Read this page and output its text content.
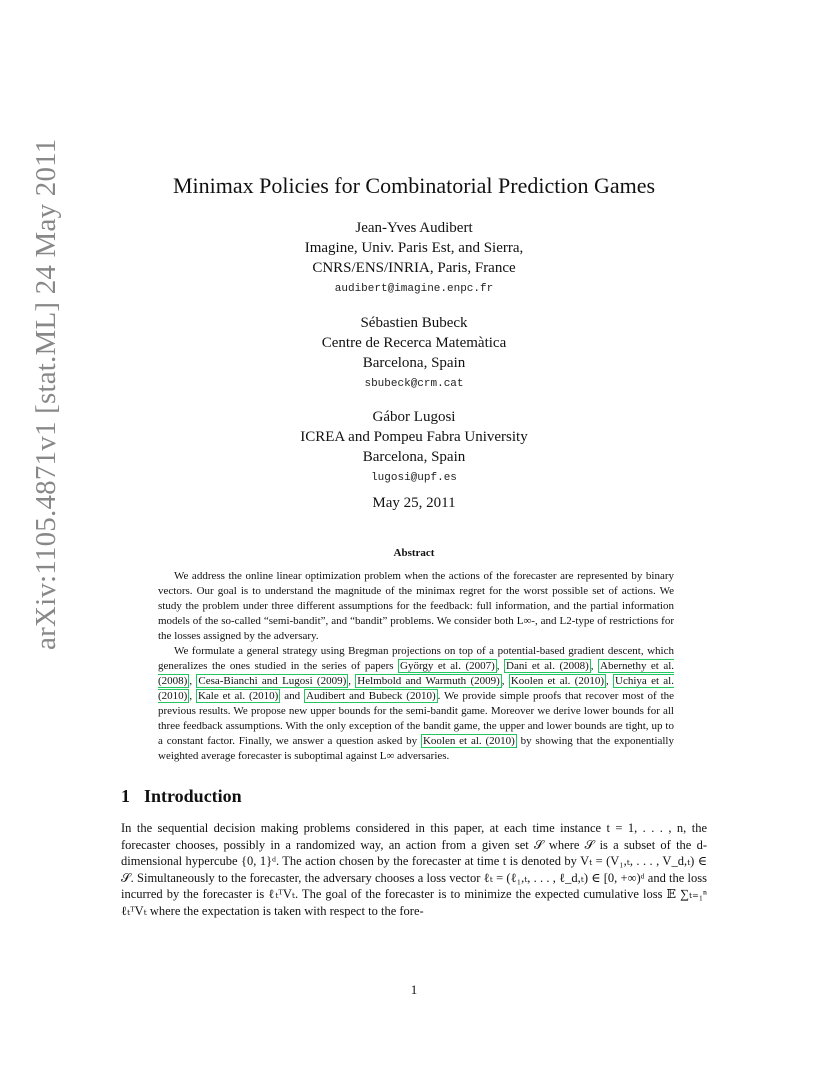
arXiv:1105.4871v1 [stat.ML] 24 May 2011	Minimax Policies for Combinatorial Prediction Games
Jean-Yves Audibert
Imagine, Univ. Paris Est, and Sierra,
CNRS/ENS/INRIA, Paris, France
audibert@imagine.enpc.fr
Sébastien Bubeck
Centre de Recerca Matemàtica
Barcelona, Spain
sbubeck@crm.cat
Gábor Lugosi
ICREA and Pompeu Fabra University
Barcelona, Spain
lugosi@upf.es
May 25, 2011
Abstract

We address the online linear optimization problem when the actions of the forecaster are represented by binary vectors. Our goal is to understand the magnitude of the minimax regret for the worst possible set of actions. We study the problem under three different assumptions for the feedback: full information, and the partial information models of the so-called “semi-bandit”, and “bandit” problems. We consider both L∞-, and L2-type of restrictions for the losses assigned by the adversary.

We formulate a general strategy using Bregman projections on top of a potential-based gradient descent, which generalizes the ones studied in the series of papers György et al. (2007) , Dani et al. (2008) , Abernethy et al. (2008) , Cesa-Bianchi and Lugosi (2009) , Helmbold and Warmuth (2009) , Koolen et al. (2010) , Uchiya et al. (2010) , Kale et al. (2010) and Audibert and Bubeck (2010) . We provide simple proofs that recover most of the previous results. We propose new upper bounds for the semi-bandit game. Moreover we derive lower bounds for all three feedback assumptions. With the only exception of the bandit game, the upper and lower bounds are tight, up to a constant factor. Finally, we answer a question asked by Koolen et al. (2010) by showing that the exponentially weighted average forecaster is suboptimal against L∞ adversaries.

1 Introduction

In the sequential decision making problems considered in this paper, at each time instance t = 1, . . . , n, the forecaster chooses, possibly in a randomized way, an action from a given set 𝒮 where 𝒮 is a subset of the d-dimensional hypercube {0, 1}ᵈ. The action chosen by the forecaster at time t is denoted by Vₜ = (V₁,ₜ, . . . , V_d,ₜ) ∈ 𝒮. Simultaneously to the forecaster, the adversary chooses a loss vector ℓₜ = (ℓ₁,ₜ, . . . , ℓ_d,ₜ) ∈ [0, +∞)ᵈ and the loss incurred by the forecaster is ℓₜᵀVₜ. The goal of the forecaster is to minimize the expected cumulative loss 𝔼 ∑ₜ₌₁ⁿ ℓₜᵀVₜ where the expectation is taken with respect to the fore-

1
